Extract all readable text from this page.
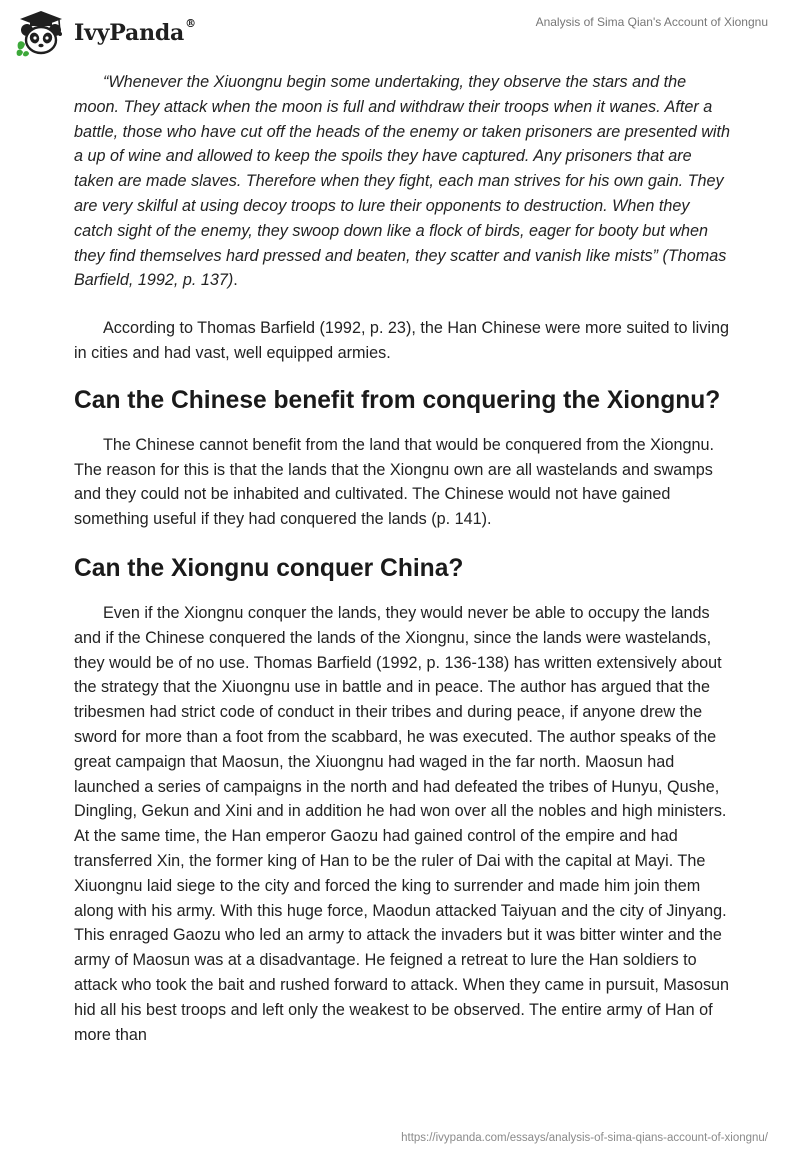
IvyPanda®	Analysis of Sima Qian's Account of Xiongnu

“Whenever the Xiuongnu begin some undertaking, they observe the stars and the moon. They attack when the moon is full and withdraw their troops when it wanes. After a battle, those who have cut off the heads of the enemy or taken prisoners are presented with a up of wine and allowed to keep the spoils they have captured. Any prisoners that are taken are made slaves. Therefore when they fight, each man strives for his own gain. They are very skilful at using decoy troops to lure their opponents to destruction. When they catch sight of the enemy, they swoop down like a flock of birds, eager for booty but when they find themselves hard pressed and beaten, they scatter and vanish like mists” (Thomas Barfield, 1992, p. 137).

According to Thomas Barfield (1992, p. 23), the Han Chinese were more suited to living in cities and had vast, well equipped armies.

Can the Chinese benefit from conquering the Xiongnu?

The Chinese cannot benefit from the land that would be conquered from the Xiongnu. The reason for this is that the lands that the Xiongnu own are all wastelands and swamps and they could not be inhabited and cultivated. The Chinese would not have gained something useful if they had conquered the lands (p. 141).

Can the Xiongnu conquer China?

Even if the Xiongnu conquer the lands, they would never be able to occupy the lands and if the Chinese conquered the lands of the Xiongnu, since the lands were wastelands, they would be of no use. Thomas Barfield (1992, p. 136-138) has written extensively about the strategy that the Xiuongnu use in battle and in peace. The author has argued that the tribesmen had strict code of conduct in their tribes and during peace, if anyone drew the sword for more than a foot from the scabbard, he was executed. The author speaks of the great campaign that Maosun, the Xiuongnu had waged in the far north. Maosun had launched a series of campaigns in the north and had defeated the tribes of Hunyu, Qushe, Dingling, Gekun and Xini and in addition he had won over all the nobles and high ministers. At the same time, the Han emperor Gaozu had gained control of the empire and had transferred Xin, the former king of Han to be the ruler of Dai with the capital at Mayi. The Xiuongnu laid siege to the city and forced the king to surrender and made him join them along with his army. With this huge force, Maodun attacked Taiyuan and the city of Jinyang. This enraged Gaozu who led an army to attack the invaders but it was bitter winter and the army of Maosun was at a disadvantage. He feigned a retreat to lure the Han soldiers to attack who took the bait and rushed forward to attack. When they came in pursuit, Masosun hid all his best troops and left only the weakest to be observed. The entire army of Han of more than

https://ivypanda.com/essays/analysis-of-sima-qians-account-of-xiongnu/
